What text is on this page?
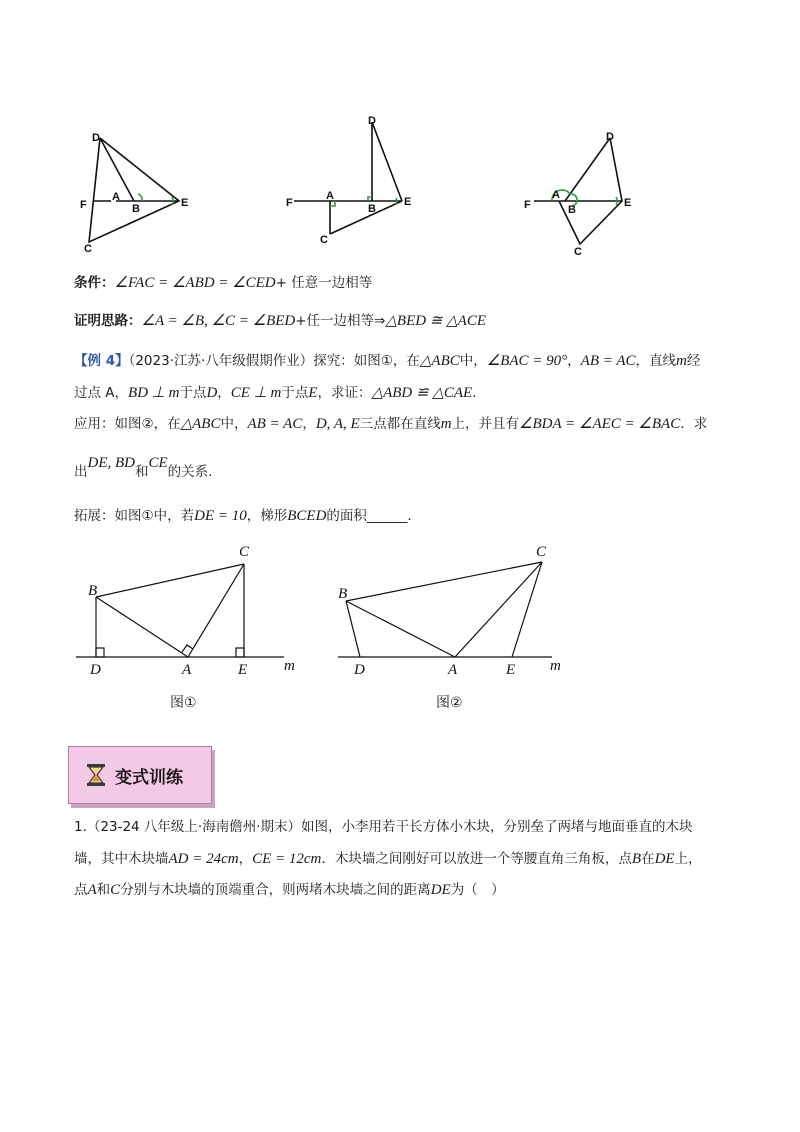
D
A
B	E
F
C
D
A
B
E
F
C
D
A
B
E
F
C
条件：∠FAC = ∠ABD = ∠CED+ 任意一边相等
证明思路：∠A = ∠B, ∠C = ∠BED+任一边相等⇒△BED ≅ △ACE
【例 4】（2023·江苏·八年级假期作业）探究：如图①，在△ABC中，∠BAC = 90°，AB = AC，直线m经
过点 A，BD ⊥ m于点D，CE ⊥ m于点E，求证：△ABD ≌ △CAE.
应用：如图②，在△ABC中，AB = AC，D, A, E三点都在直线m上，并且有∠BDA = ∠AEC = ∠BAC．求
出DE, BD和CE的关系.
拓展：如图①中，若DE = 10，梯形BCED的面积______.
B
C
D	A	E m
图①
B
C
D	A	E m
图②
变式训练
1.（23-24 八年级上·海南儋州·期末）如图，小李用若干长方体小木块，分别垒了两堵与地面垂直的木块
墙，其中木块墙AD = 24cm，CE = 12cm．木块墙之间刚好可以放进一个等腰直角三角板，点B在DE上，
点A和C分别与木块墙的顶端重合，则两堵木块墙之间的距离DE为（　）
